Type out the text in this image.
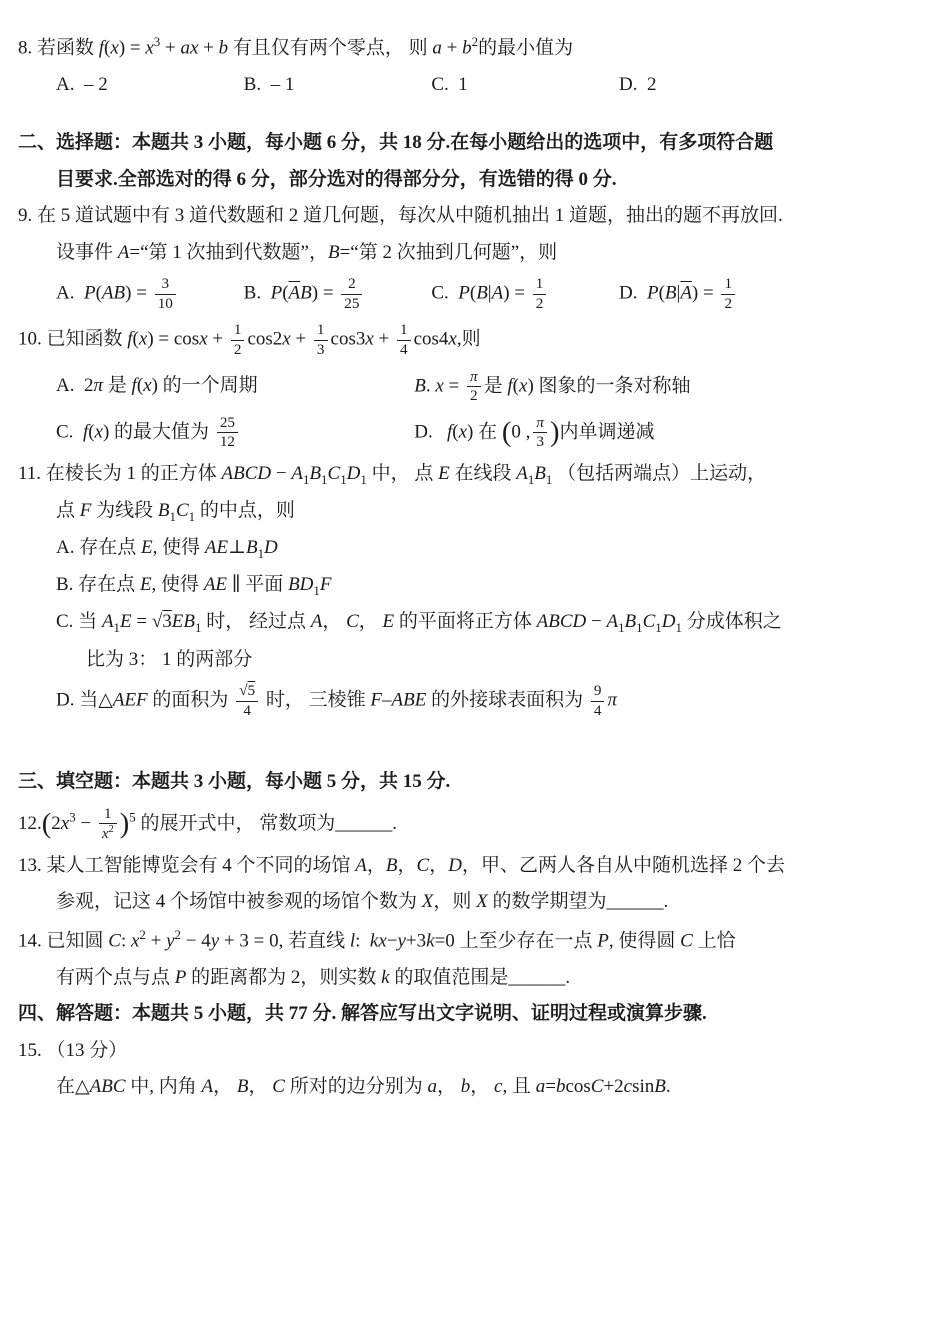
8. 若函数 $f(x) = x^3$ + ax + b 有且仅有两个零点， 则 $a + b^2$的最小值为
A.  – 2	B.  – 1	C.  1	D.  2
二、选择题：本题共 3 小题，每小题 6 分，共 18 分.在每小题给出的选项中，有多项符合题
目要求.全部选对的得 6 分，部分选对的得部分分，有选错的得 0 分.
9. 在 5 道试题中有 3 道代数题和 2 道几何题，每次从中随机抽出 1 道题，抽出的题不再放回.
设事件 A=“第 1 次抽到代数题”，B=“第 2 次抽到几何题”，则
A.  $P(AB) = \frac{3}{10}$	B.  $P(\overline{A}B) = \frac{2}{25}$	C.  $P(B|A) = \frac{1}{2}$	D.  $P(B|\overline{A}) = \frac{1}{2}$
10. 已知函数 $f(x) = \cos x + \frac{1}{2} \cos 2x + \frac{1}{3} \cos 3x + \frac{1}{4} \cos 4x$,则
A.  2π 是 f(x) 的一个周期	B. $x = \frac{\pi}{2}$ 是 f(x) 图象的一条对称轴
C.  f(x) 的最大值为 $\frac{25}{12}$	D.   f(x) 在 (0 , $\frac{\pi}{3}$ )内单调递减
11. 在棱长为 1 的正方体 ABCD − $A_1B_1C_1D_1$ 中， 点 E 在线段 $A_1B_1$ （包括两端点）上运动，
点 F 为线段 $B_1C_1$ 的中点，则
A. 存在点 E, 使得 $AE\perp B_1D$
B. 存在点 E, 使得 AE ∥ 平面 $BD_1F$
C. 当 $A_1E = √3EB_1$ 时， 经过点 A， C， E 的平面将正方体 ABCD − $A_1B_1C_1D_1$ 分成体积之
比为 3： 1 的两部分
D. 当△AEF 的面积为 $\frac{√5}{4}$ 时， 三棱锥 F–ABE 的外接球表面积为 $\frac{9}{4}$ π
三、填空题：本题共 3 小题，每小题 5 分，共 15 分.
$12.(2x^3 - \frac{1}{x^2} )^5$ 的展开式中， 常数项为______.
13. 某人工智能博览会有 4 个不同的场馆 A，B，C，D，甲、乙两人各自从中随机选择 2 个去
参观，记这 4 个场馆中被参观的场馆个数为 X，则 X 的数学期望为______.
14. 已知圆 C: $x^2 + y^2 - 4y + 3 = 0$, 若直线 l:  kx−y+3k=0 上至少存在一点 P, 使得圆 C 上恰
有两个点与点 P 的距离都为 2，则实数 k 的取值范围是______.
四、解答题：本题共 5 小题，共 77 分. 解答应写出文字说明、证明过程或演算步骤.
15. （13 分）
在△ABC 中, 内角 A， B， C 所对的边分别为 a， b， c, 且 a=bcosC+2csinB.
